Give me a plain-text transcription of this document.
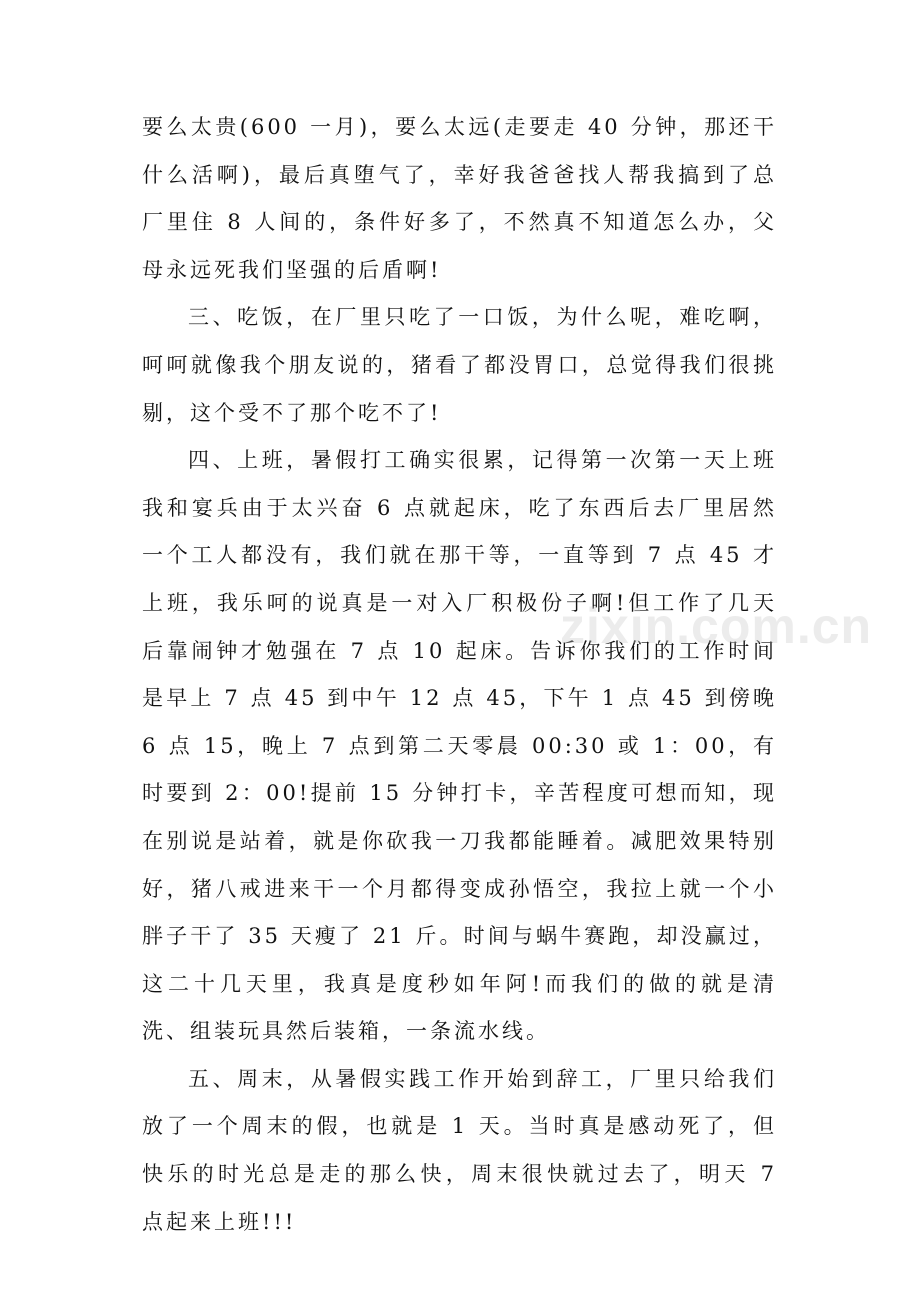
要么太贵(600 一月)，要么太远(走要走 40 分钟，那还干什么活啊)，最后真堕气了，幸好我爸爸找人帮我搞到了总厂里住 8 人间的，条件好多了，不然真不知道怎么办，父母永远死我们坚强的后盾啊!

三、吃饭，在厂里只吃了一口饭，为什么呢，难吃啊，呵呵就像我个朋友说的，猪看了都没胃口，总觉得我们很挑剔，这个受不了那个吃不了!

四、上班，暑假打工确实很累，记得第一次第一天上班我和宴兵由于太兴奋 6 点就起床，吃了东西后去厂里居然一个工人都没有，我们就在那干等，一直等到 7 点 45 才上班，我乐呵的说真是一对入厂积极份子啊!但工作了几天后靠闹钟才勉强在 7 点 10 起床。告诉你我们的工作时间是早上 7 点 45 到中午 12 点 45，下午 1 点 45 到傍晚 6 点 15，晚上 7 点到第二天零晨 00:30 或 1：00，有时要到 2：00!提前 15 分钟打卡，辛苦程度可想而知，现在别说是站着，就是你砍我一刀我都能睡着。减肥效果特别好，猪八戒进来干一个月都得变成孙悟空，我拉上就一个小胖子干了 35 天瘦了 21 斤。时间与蜗牛赛跑，却没赢过，这二十几天里，我真是度秒如年阿!而我们的做的就是清洗、组装玩具然后装箱，一条流水线。

五、周末，从暑假实践工作开始到辞工，厂里只给我们放了一个周末的假，也就是 1 天。当时真是感动死了，但快乐的时光总是走的那么快，周末很快就过去了，明天 7 点起来上班!!!

zixin.com.cn
